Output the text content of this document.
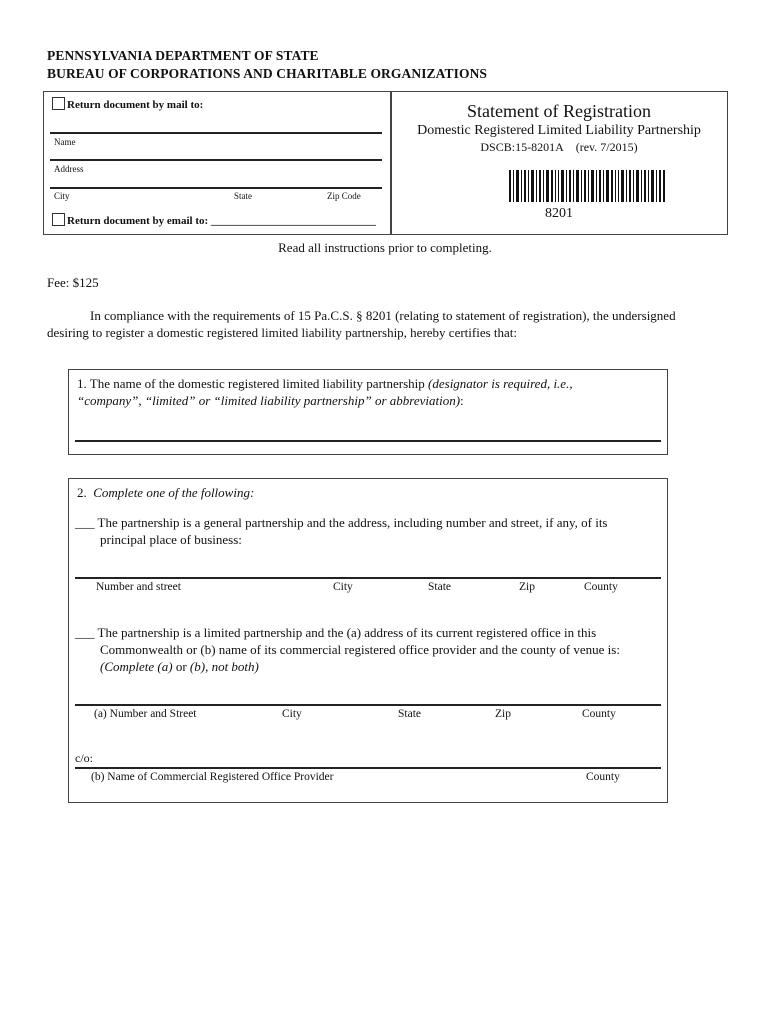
PENNSYLVANIA DEPARTMENT OF STATE
BUREAU OF CORPORATIONS AND CHARITABLE ORGANIZATIONS
Return document by mail to:
Name
Address
City	State	Zip Code
Return document by email to: ______________________________
Statement of Registration
Domestic Registered Limited Liability Partnership
DSCB:15-8201A (rev. 7/2015)
8201
Read all instructions prior to completing.
Fee: $125
In compliance with the requirements of 15 Pa.C.S. § 8201 (relating to statement of registration), the undersigned
desiring to register a domestic registered limited liability partnership, hereby certifies that:
1. The name of the domestic registered limited liability partnership (designator is required, i.e.,
“company”, “limited” or “limited liability partnership” or abbreviation):
2. Complete one of the following:
___ The partnership is a general partnership and the address, including number and street, if any, of its
principal place of business:
Number and street	City	State	Zip	County
___ The partnership is a limited partnership and the (a) address of its current registered office in this
Commonwealth or (b) name of its commercial registered office provider and the county of venue is:
(Complete (a) or (b), not both)
(a) Number and Street	City	State	Zip	County
c/o:
(b) Name of Commercial Registered Office Provider	County
